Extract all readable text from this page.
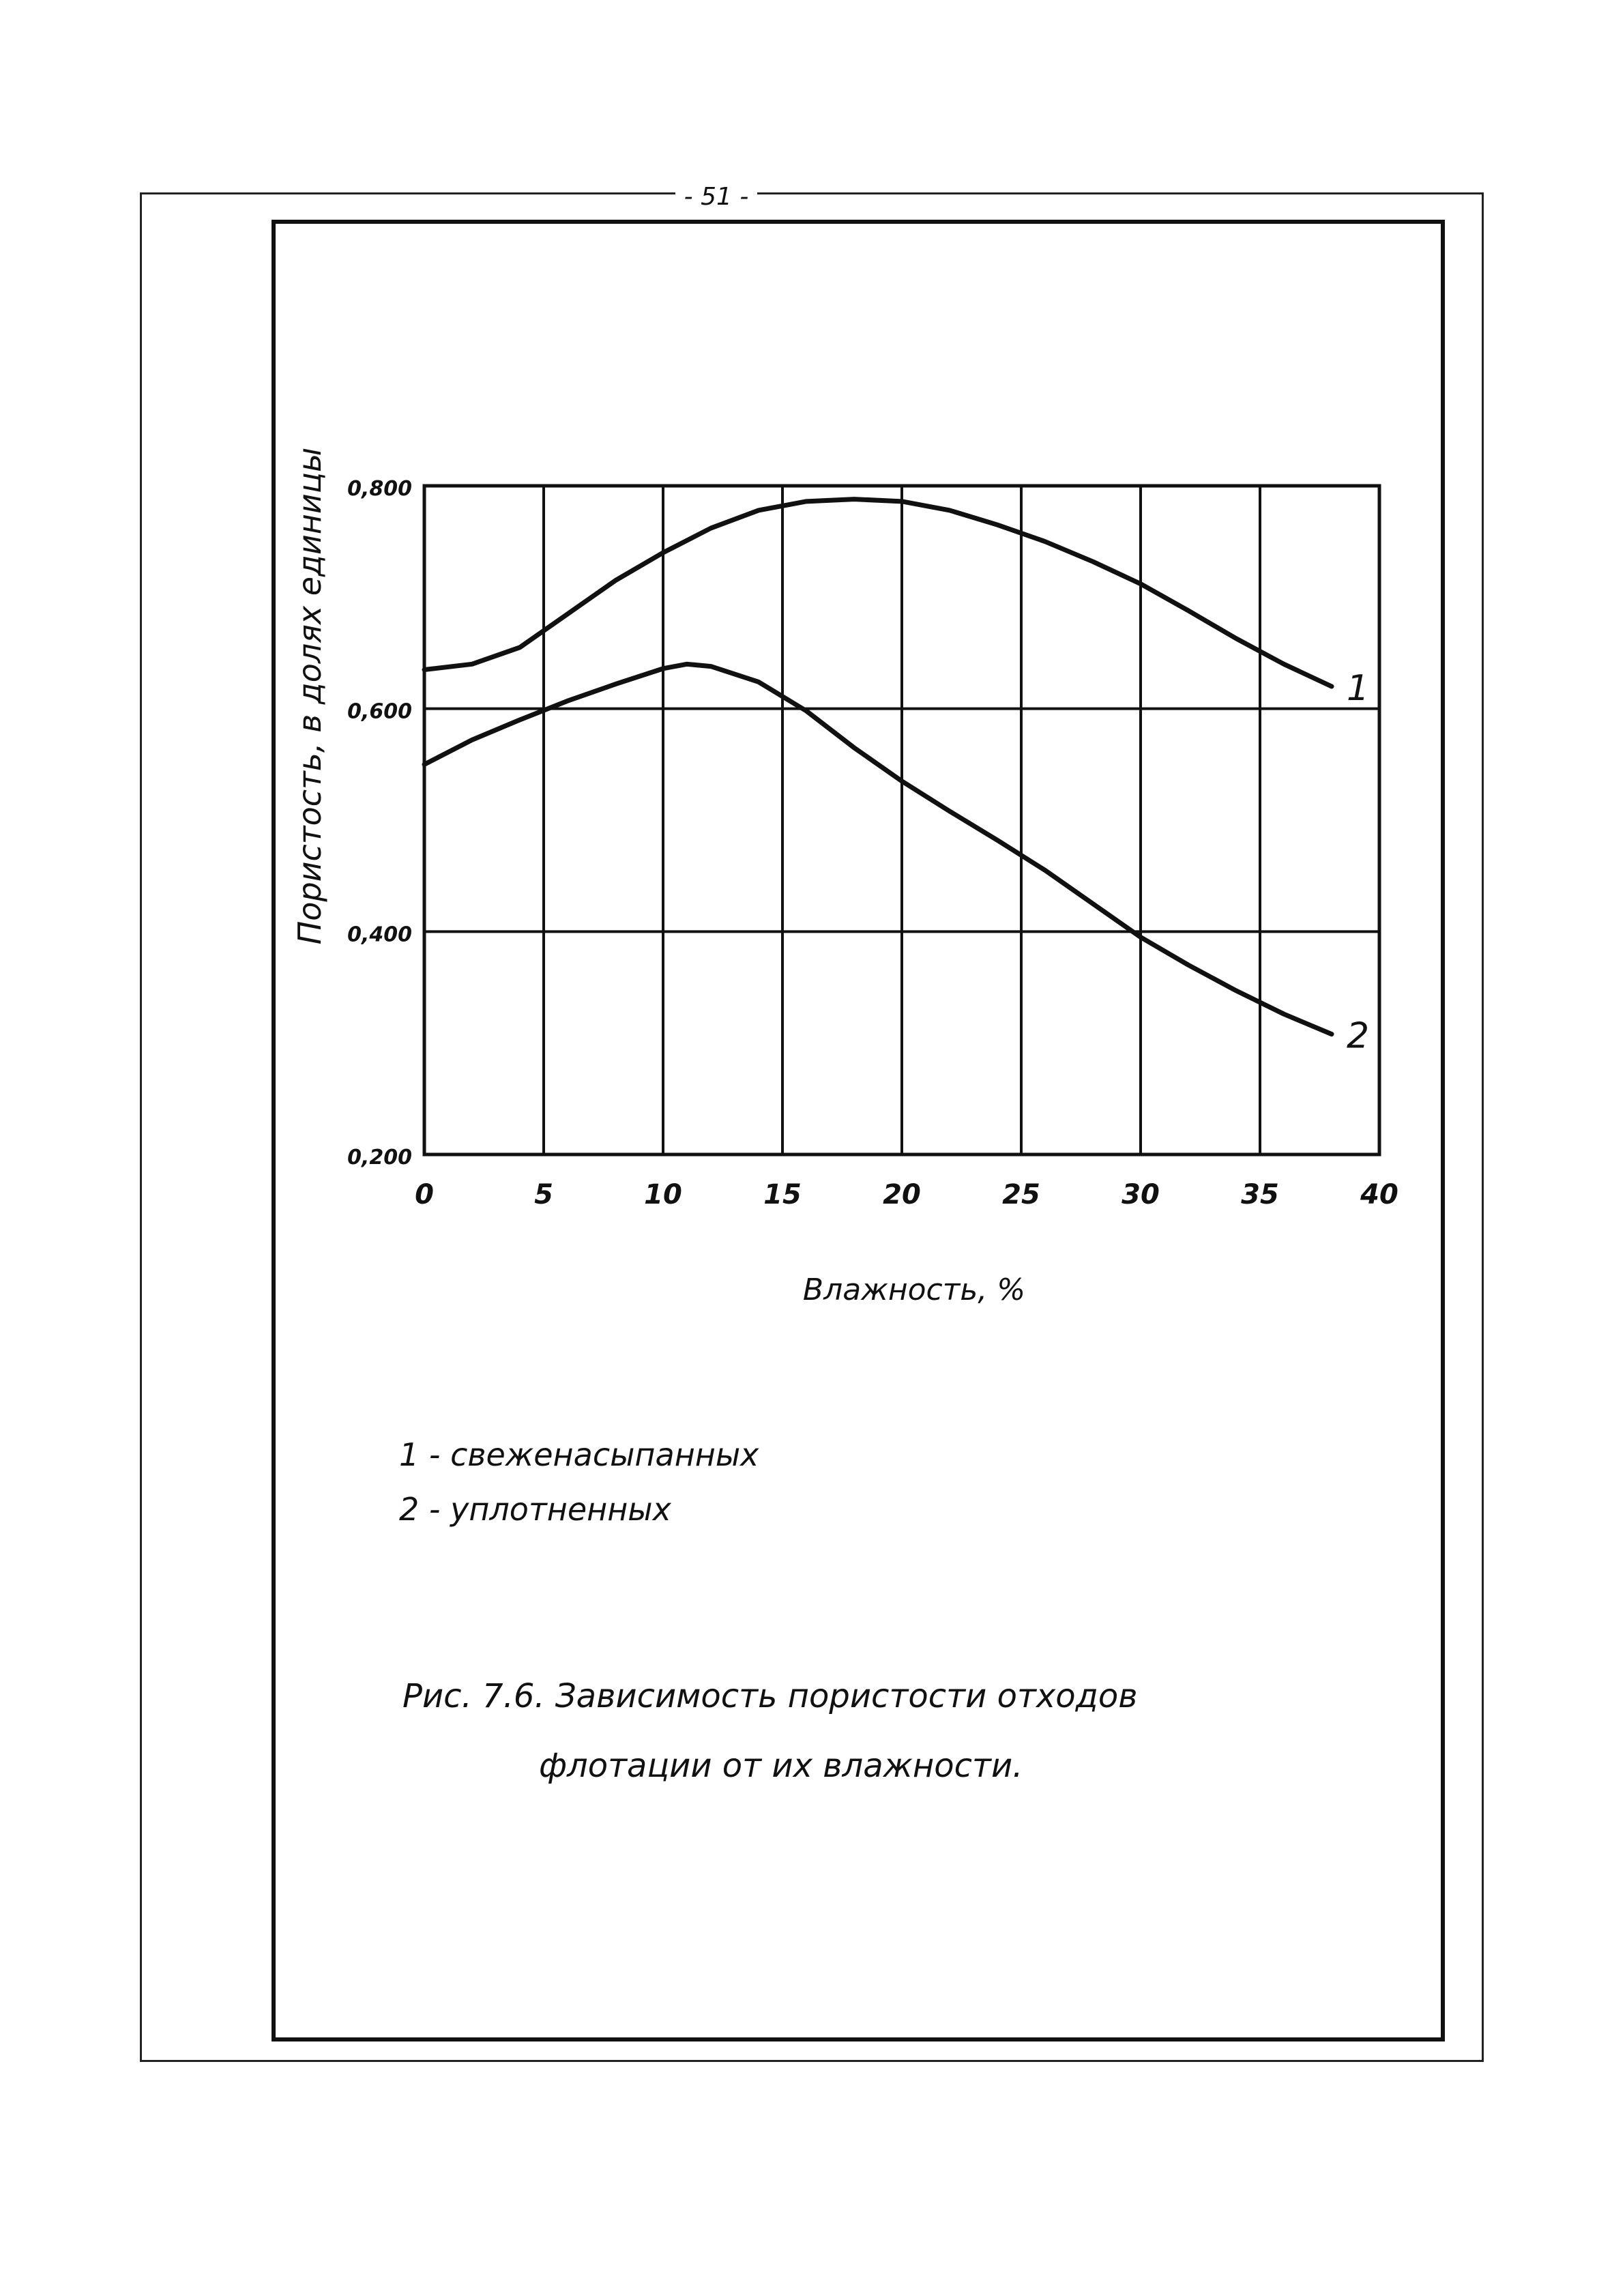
- 51 -
0	5	10	15	20	25	30	35	40
0,200
0,400
0,600
0,800
1
2
Пористость, в долях единицы
Влажность, %
1 - свеженасыпанных
2 - уплотненных
Рис. 7.6. Зависимость пористости отходов
флотации от их влажности.
